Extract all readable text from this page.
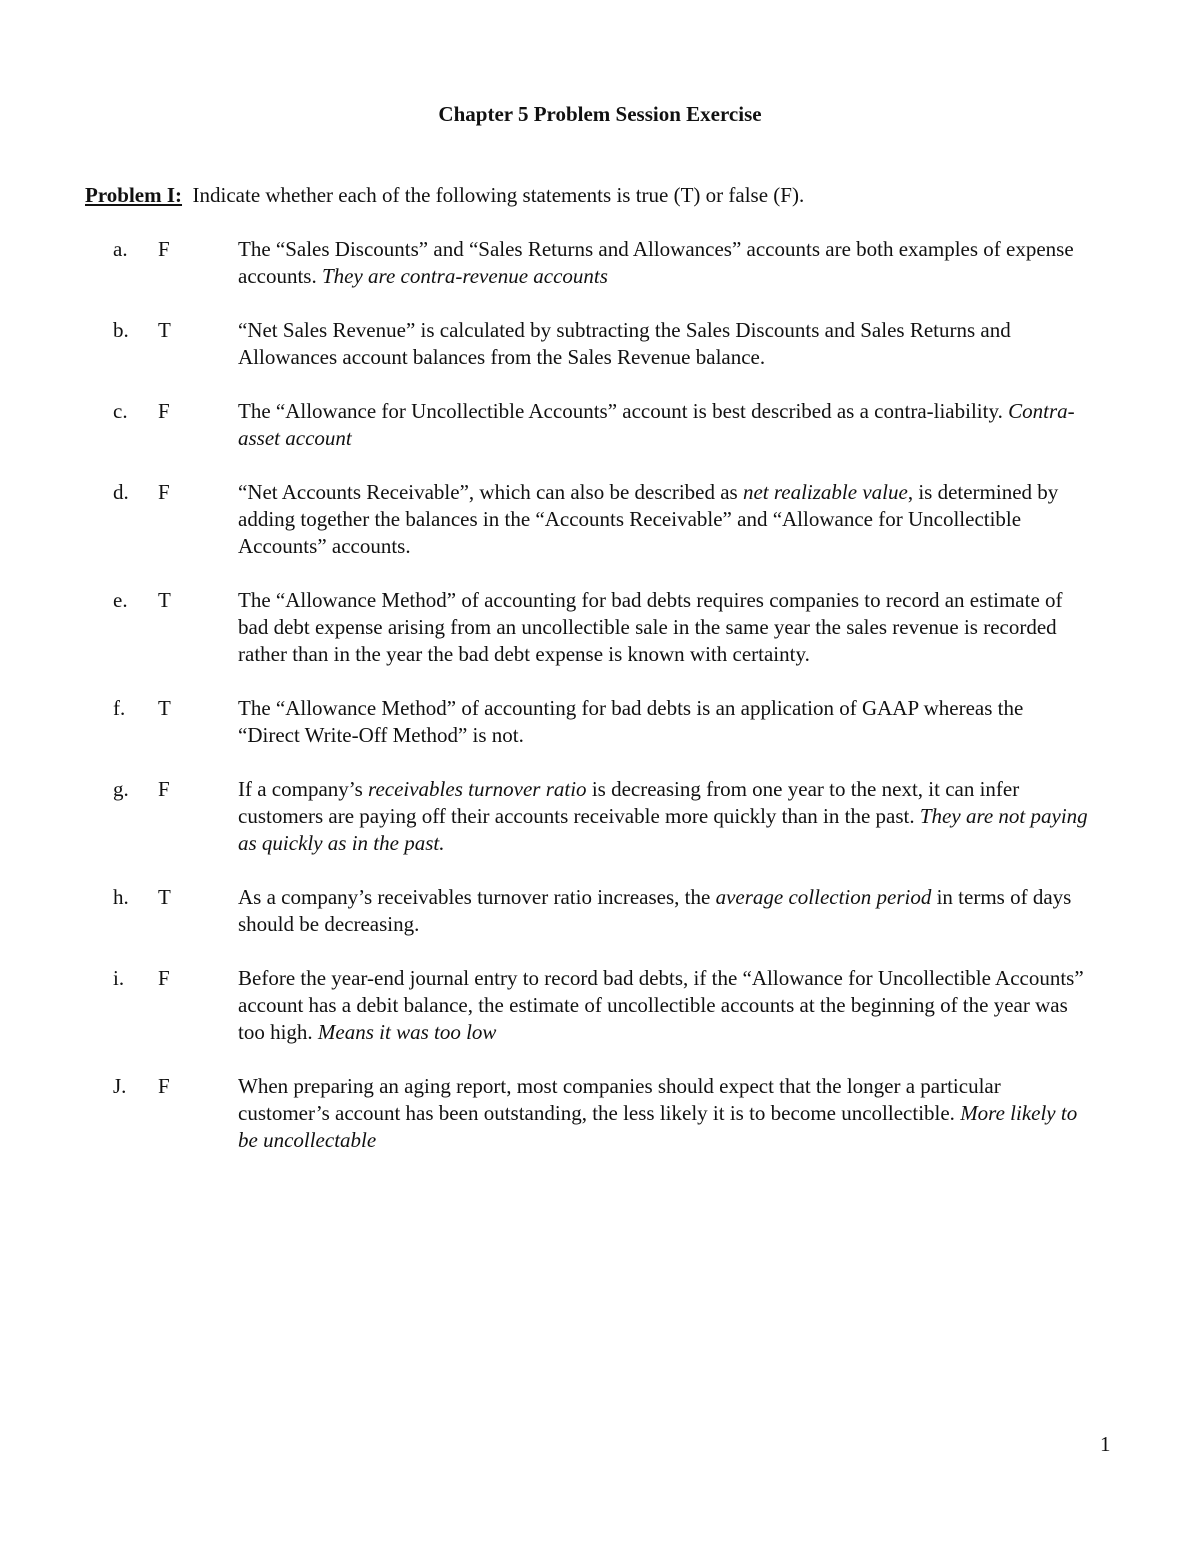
Chapter 5 Problem Session Exercise
Problem I: Indicate whether each of the following statements is true (T) or false (F).
a. F	The “Sales Discounts” and “Sales Returns and Allowances” accounts are both examples of expense accounts. They are contra-revenue accounts
b. T	“Net Sales Revenue” is calculated by subtracting the Sales Discounts and Sales Returns and Allowances account balances from the Sales Revenue balance.
c. F	The “Allowance for Uncollectible Accounts” account is best described as a contra-liability. Contra-asset account
d. F	“Net Accounts Receivable”, which can also be described as net realizable value, is determined by adding together the balances in the “Accounts Receivable” and “Allowance for Uncollectible Accounts” accounts.
e. T	The “Allowance Method” of accounting for bad debts requires companies to record an estimate of bad debt expense arising from an uncollectible sale in the same year the sales revenue is recorded rather than in the year the bad debt expense is known with certainty.
f. T	The “Allowance Method” of accounting for bad debts is an application of GAAP whereas the “Direct Write-Off Method” is not.
g. F	If a company’s receivables turnover ratio is decreasing from one year to the next, it can infer customers are paying off their accounts receivable more quickly than in the past. They are not paying as quickly as in the past.
h. T	As a company’s receivables turnover ratio increases, the average collection period in terms of days should be decreasing.
i. F	Before the year-end journal entry to record bad debts, if the “Allowance for Uncollectible Accounts” account has a debit balance, the estimate of uncollectible accounts at the beginning of the year was too high. Means it was too low
J. F	When preparing an aging report, most companies should expect that the longer a particular customer’s account has been outstanding, the less likely it is to become uncollectible. More likely to be uncollectable
1
